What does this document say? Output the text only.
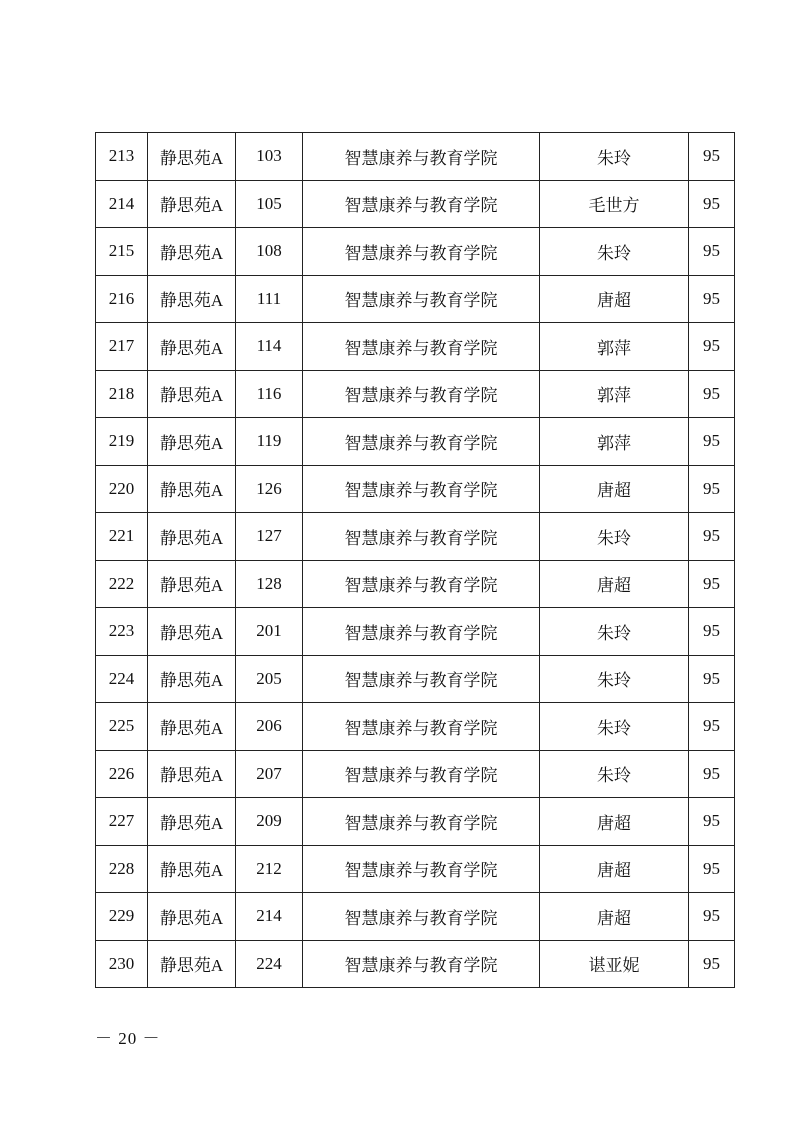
213	静思苑A	103	智慧康养与教育学院	朱玲	95
214	静思苑A	105	智慧康养与教育学院	毛世方	95
215	静思苑A	108	智慧康养与教育学院	朱玲	95
216	静思苑A	111	智慧康养与教育学院	唐超	95
217	静思苑A	114	智慧康养与教育学院	郭萍	95
218	静思苑A	116	智慧康养与教育学院	郭萍	95
219	静思苑A	119	智慧康养与教育学院	郭萍	95
220	静思苑A	126	智慧康养与教育学院	唐超	95
221	静思苑A	127	智慧康养与教育学院	朱玲	95
222	静思苑A	128	智慧康养与教育学院	唐超	95
223	静思苑A	201	智慧康养与教育学院	朱玲	95
224	静思苑A	205	智慧康养与教育学院	朱玲	95
225	静思苑A	206	智慧康养与教育学院	朱玲	95
226	静思苑A	207	智慧康养与教育学院	朱玲	95
227	静思苑A	209	智慧康养与教育学院	唐超	95
228	静思苑A	212	智慧康养与教育学院	唐超	95
229	静思苑A	214	智慧康养与教育学院	唐超	95
230	静思苑A	224	智慧康养与教育学院	谌亚妮	95
－ 20 －
